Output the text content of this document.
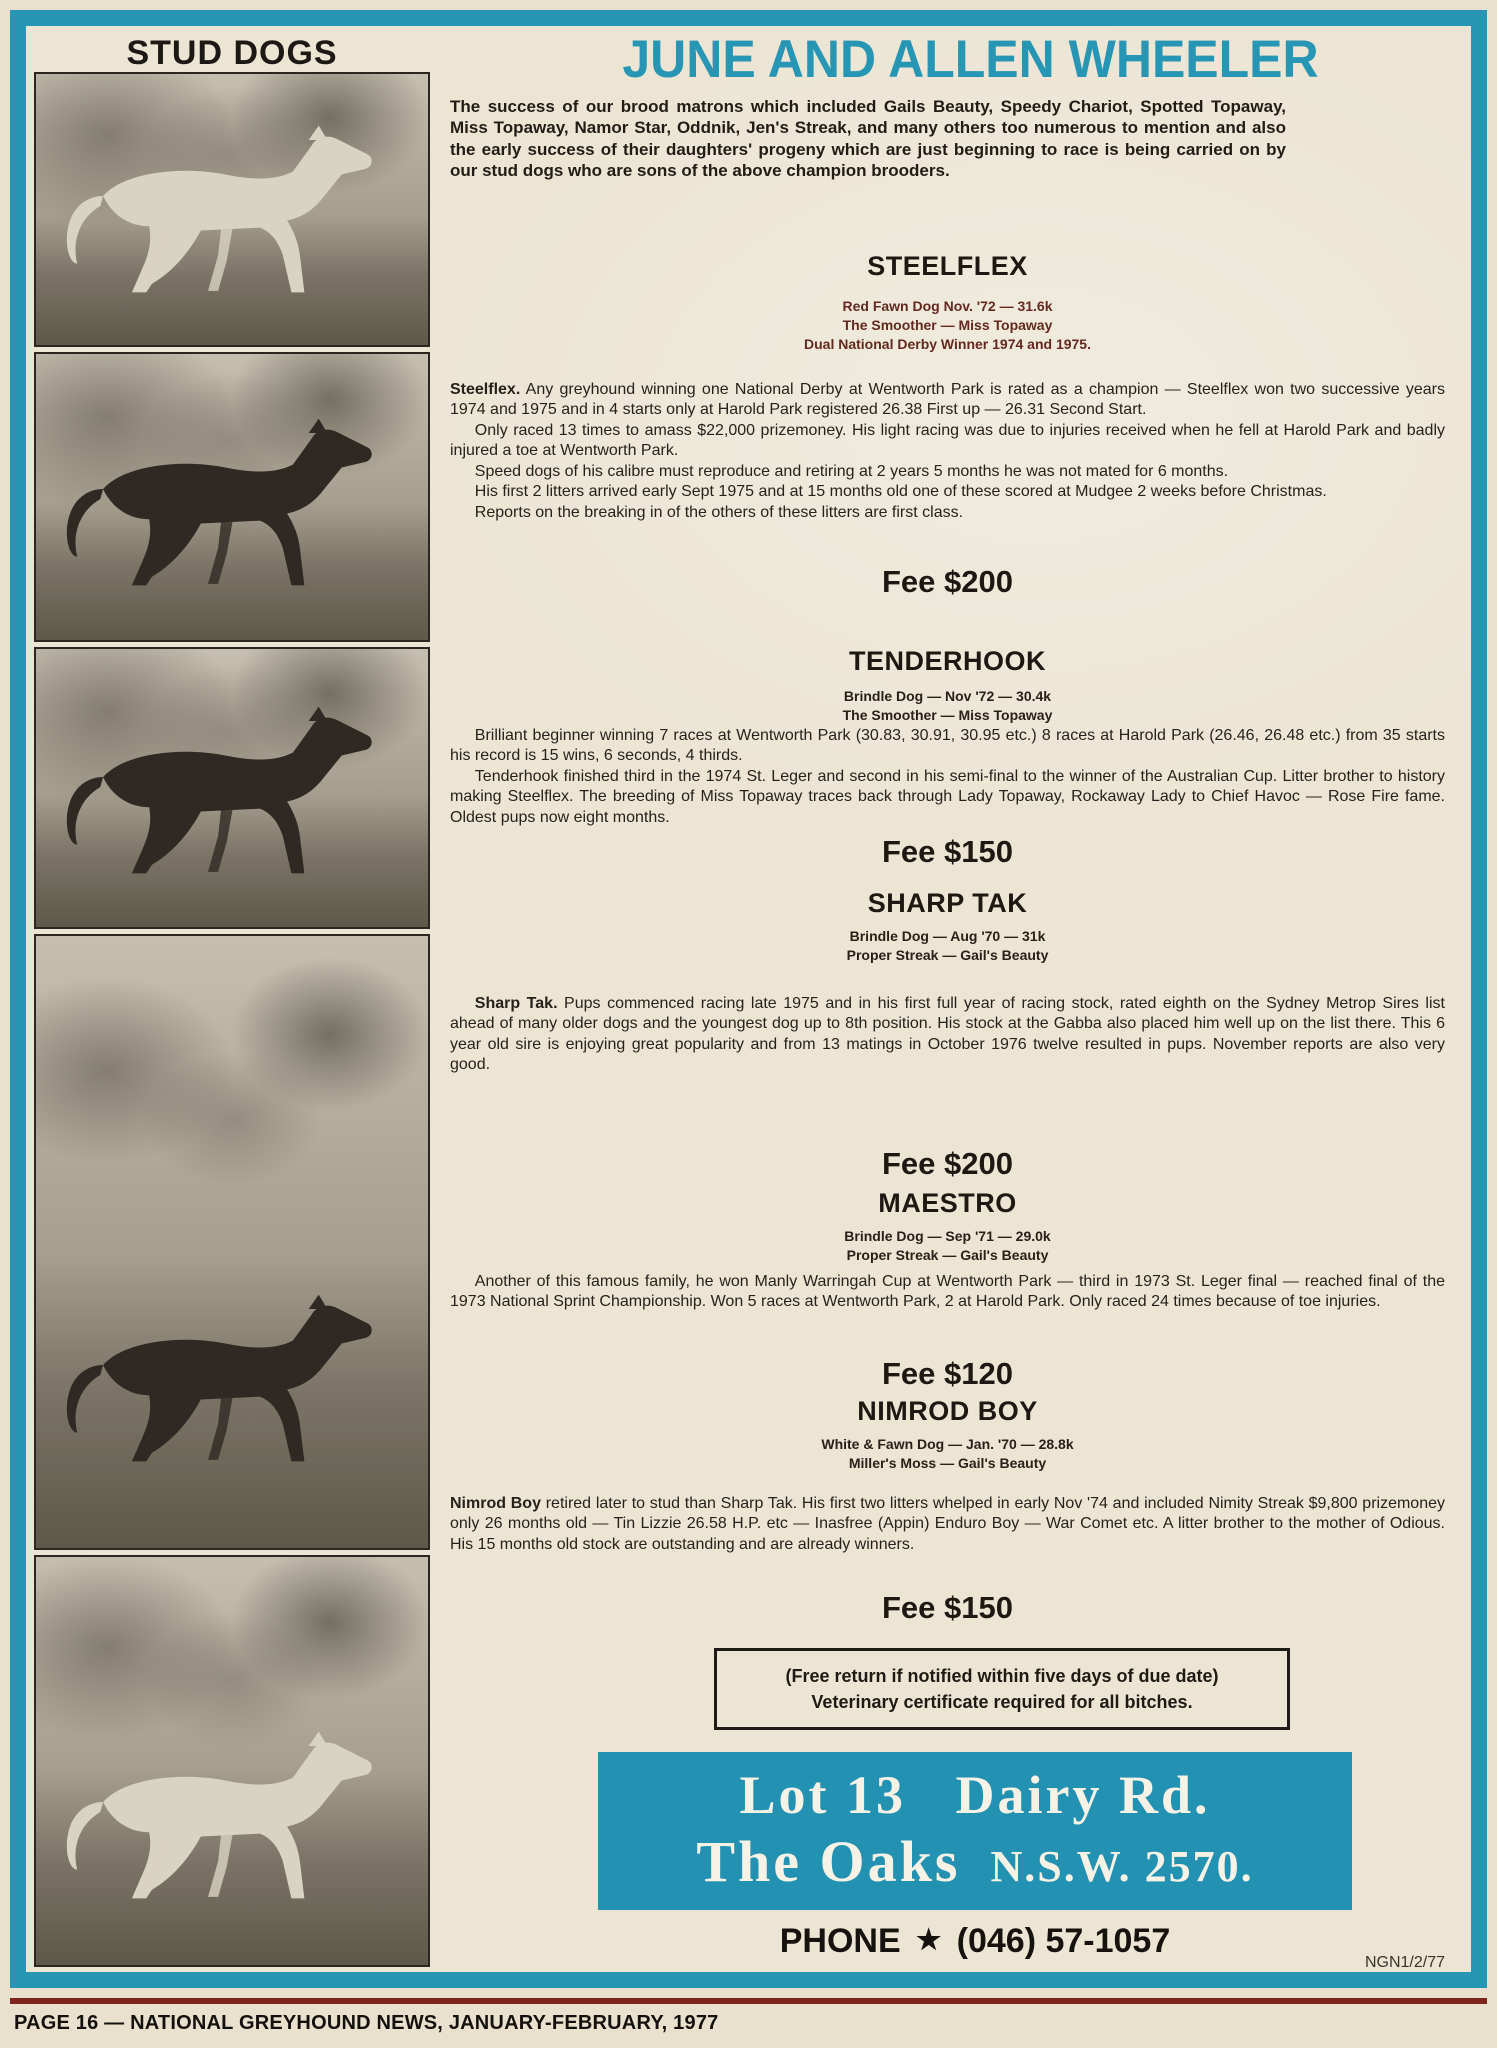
STUD DOGS	JUNE AND ALLEN WHEELER

The success of our brood matrons which included Gails Beauty, Speedy Chariot, Spotted Topaway, Miss Topaway, Namor Star, Oddnik, Jen's Streak, and many others too numerous to mention and also the early success of their daughters' progeny which are just beginning to race is being carried on by our stud dogs who are sons of the above champion brooders.

STEELFLEX
Red Fawn Dog Nov. '72 — 31.6k
The Smoother — Miss Topaway
Dual National Derby Winner 1974 and 1975.

Steelflex. Any greyhound winning one National Derby at Wentworth Park is rated as a champion — Steelflex won two successive years 1974 and 1975 and in 4 starts only at Harold Park registered 26.38 First up — 26.31 Second Start.

Only raced 13 times to amass $22,000 prizemoney. His light racing was due to injuries received when he fell at Harold Park and badly injured a toe at Wentworth Park.

Speed dogs of his calibre must reproduce and retiring at 2 years 5 months he was not mated for 6 months.

His first 2 litters arrived early Sept 1975 and at 15 months old one of these scored at Mudgee 2 weeks before Christmas.

Reports on the breaking in of the others of these litters are first class.

Fee $200
TENDERHOOK
Brindle Dog — Nov '72 — 30.4k
The Smoother — Miss Topaway

Brilliant beginner winning 7 races at Wentworth Park (30.83, 30.91, 30.95 etc.) 8 races at Harold Park (26.46, 26.48 etc.) from 35 starts his record is 15 wins, 6 seconds, 4 thirds.

Tenderhook finished third in the 1974 St. Leger and second in his semi-final to the winner of the Australian Cup. Litter brother to history making Steelflex. The breeding of Miss Topaway traces back through Lady Topaway, Rockaway Lady to Chief Havoc — Rose Fire fame. Oldest pups now eight months.

Fee $150
SHARP TAK
Brindle Dog — Aug '70 — 31k
Proper Streak — Gail's Beauty

Sharp Tak. Pups commenced racing late 1975 and in his first full year of racing stock, rated eighth on the Sydney Metrop Sires list ahead of many older dogs and the youngest dog up to 8th position. His stock at the Gabba also placed him well up on the list there. This 6 year old sire is enjoying great popularity and from 13 matings in October 1976 twelve resulted in pups. November reports are also very good.

Fee $200
MAESTRO
Brindle Dog — Sep '71 — 29.0k
Proper Streak — Gail's Beauty

Another of this famous family, he won Manly Warringah Cup at Wentworth Park — third in 1973 St. Leger final — reached final of the 1973 National Sprint Championship. Won 5 races at Wentworth Park, 2 at Harold Park. Only raced 24 times because of toe injuries.

Fee $120
NIMROD BOY
White & Fawn Dog — Jan. '70 — 28.8k
Miller's Moss — Gail's Beauty

Nimrod Boy retired later to stud than Sharp Tak. His first two litters whelped in early Nov '74 and included Nimity Streak $9,800 prizemoney only 26 months old — Tin Lizzie 26.58 H.P. etc — Inasfree (Appin) Enduro Boy — War Comet etc. A litter brother to the mother of Odious. His 15 months old stock are outstanding and are already winners.

Fee $150
(Free return if notified within five days of due date)
Veterinary certificate required for all bitches.
Lot 13   Dairy Rd.
The Oaks N.S.W. 2570.
PHONE ★ (046) 57-1057
NGN1/2/77
PAGE 16 — NATIONAL GREYHOUND NEWS, JANUARY-FEBRUARY, 1977
